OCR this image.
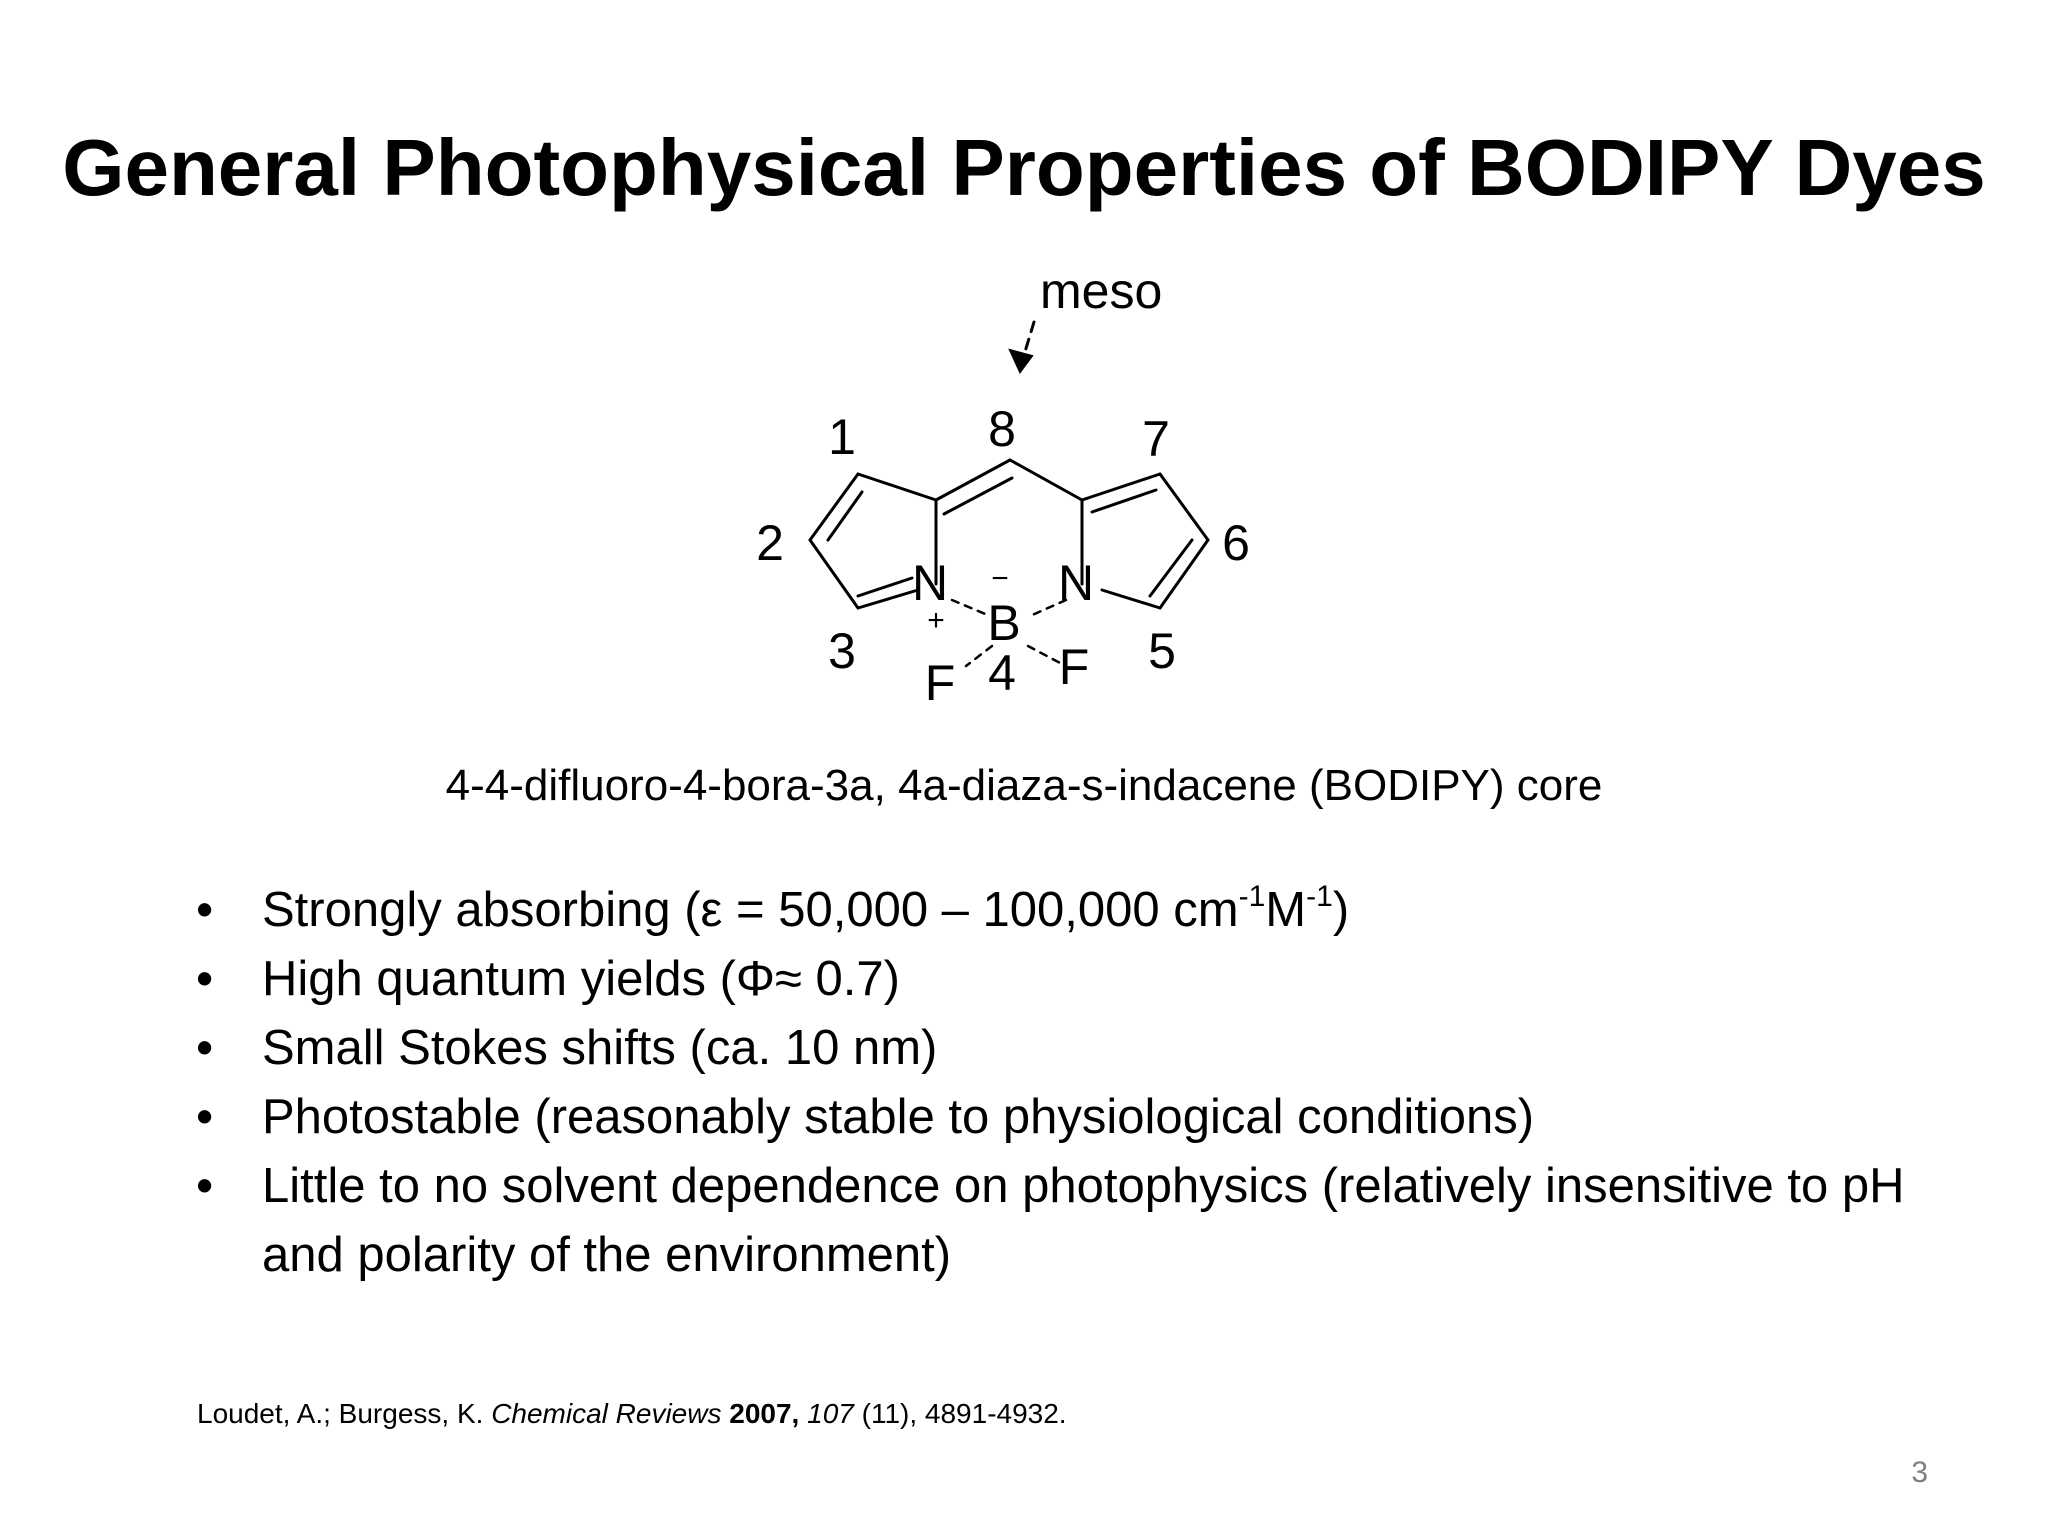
General Photophysical Properties of BODIPY Dyes
meso
1
2
3	4	5
6
7
8
N N
B
F F
+
−
4-4-difluoro-4-bora-3a, 4a-diaza-s-indacene (BODIPY) core
• Strongly absorbing (ε = 50,000 – 100,000 $cm^{-1}M^{-1}$)
• High quantum yields (Φ≈ 0.7)
• Small Stokes shifts (ca. 10 nm)
• Photostable (reasonably stable to physiological conditions)
• Little to no solvent dependence on photophysics (relatively insensitive to pH and polarity of the environment)
Loudet, A.; Burgess, K. Chemical Reviews 2007, 107 (11), 4891-4932.
3
